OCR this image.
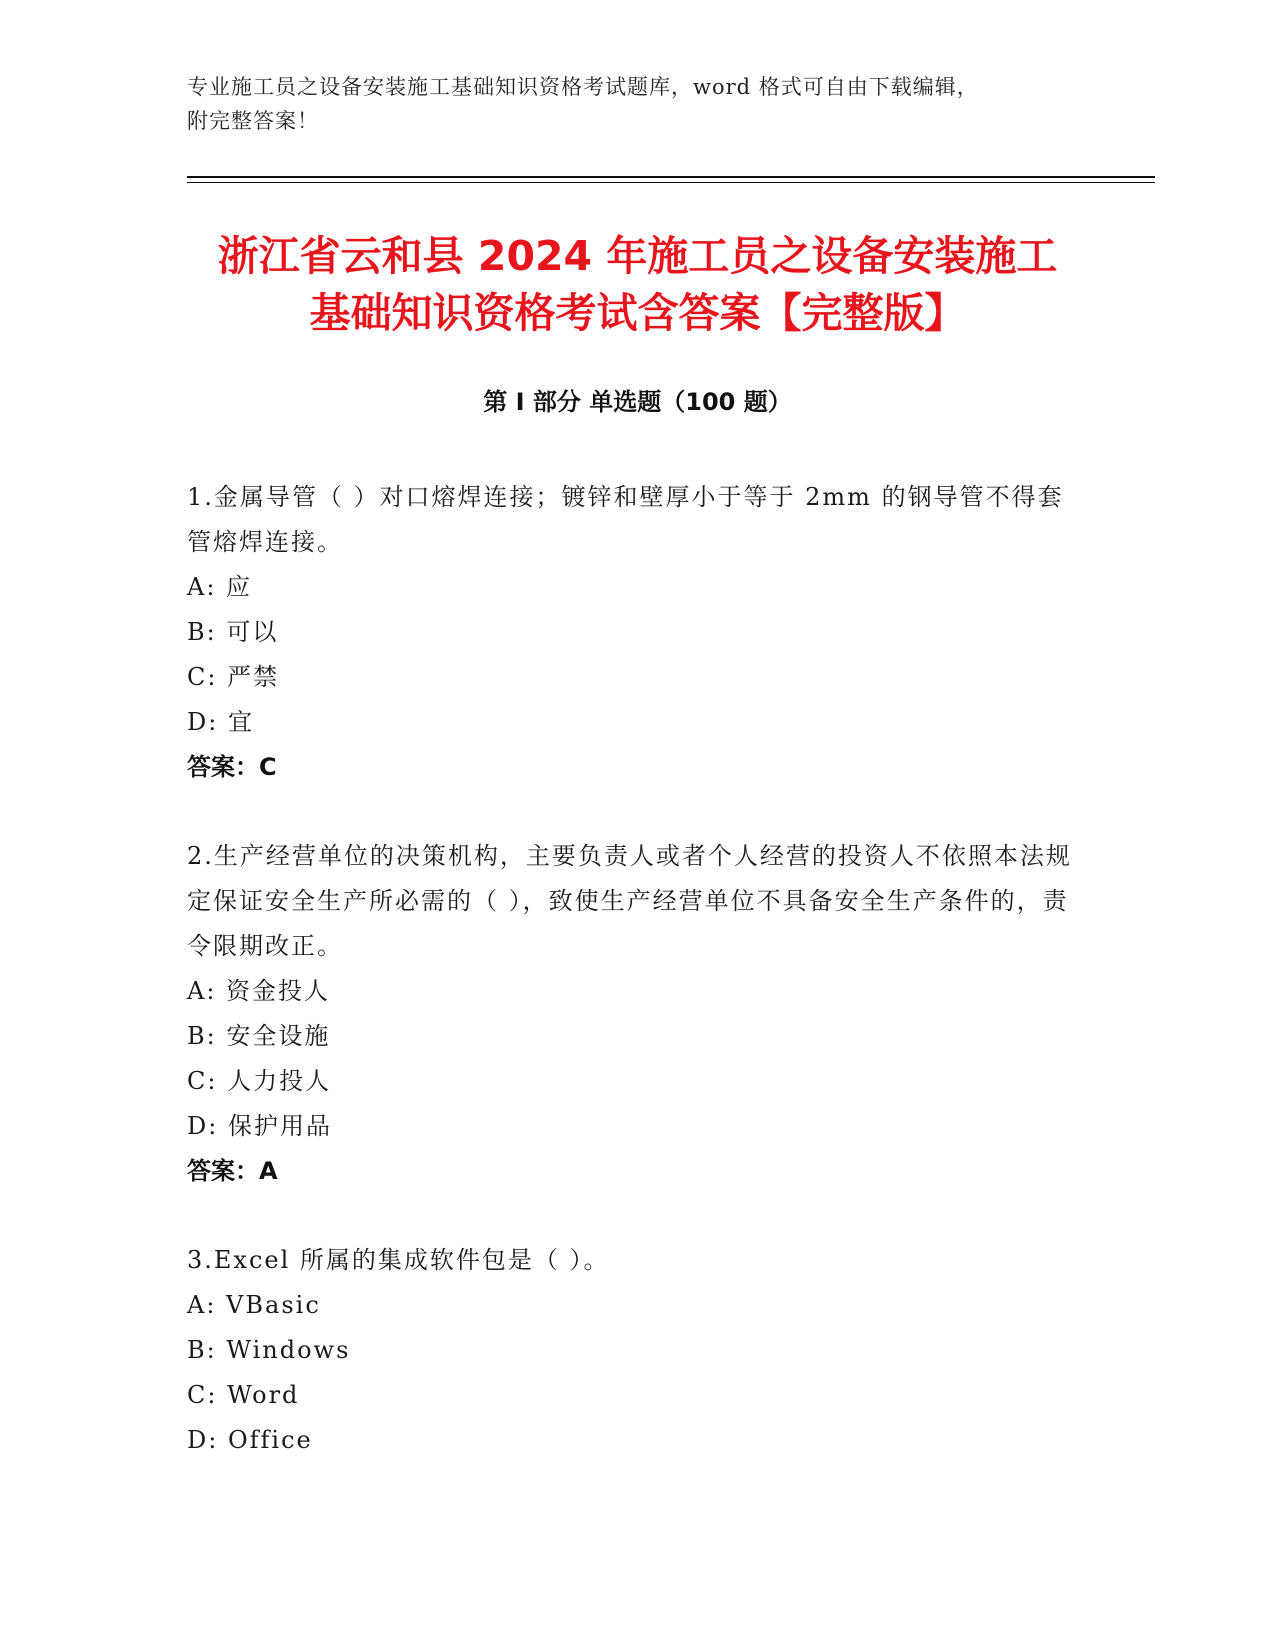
专业施工员之设备安装施工基础知识资格考试题库，word 格式可自由下载编辑，
附完整答案！
浙江省云和县 2024 年施工员之设备安装施工
基础知识资格考试含答案【完整版】
第 I 部分 单选题（100 题）
1.金属导管（ ）对口熔焊连接；镀锌和壁厚小于等于 2mm 的钢导管不得套管熔焊连接。
A: 应
B: 可以
C: 严禁
D: 宜
答案：C
2.生产经营单位的决策机构，主要负责人或者个人经营的投资人不依照本法规定保证安全生产所必需的（ ），致使生产经营单位不具备安全生产条件的，责令限期改正。
A: 资金投人
B: 安全设施
C: 人力投人
D: 保护用品
答案：A
3.Excel 所属的集成软件包是（ ）。
A: VBasic
B: Windows
C: Word
D: Office
